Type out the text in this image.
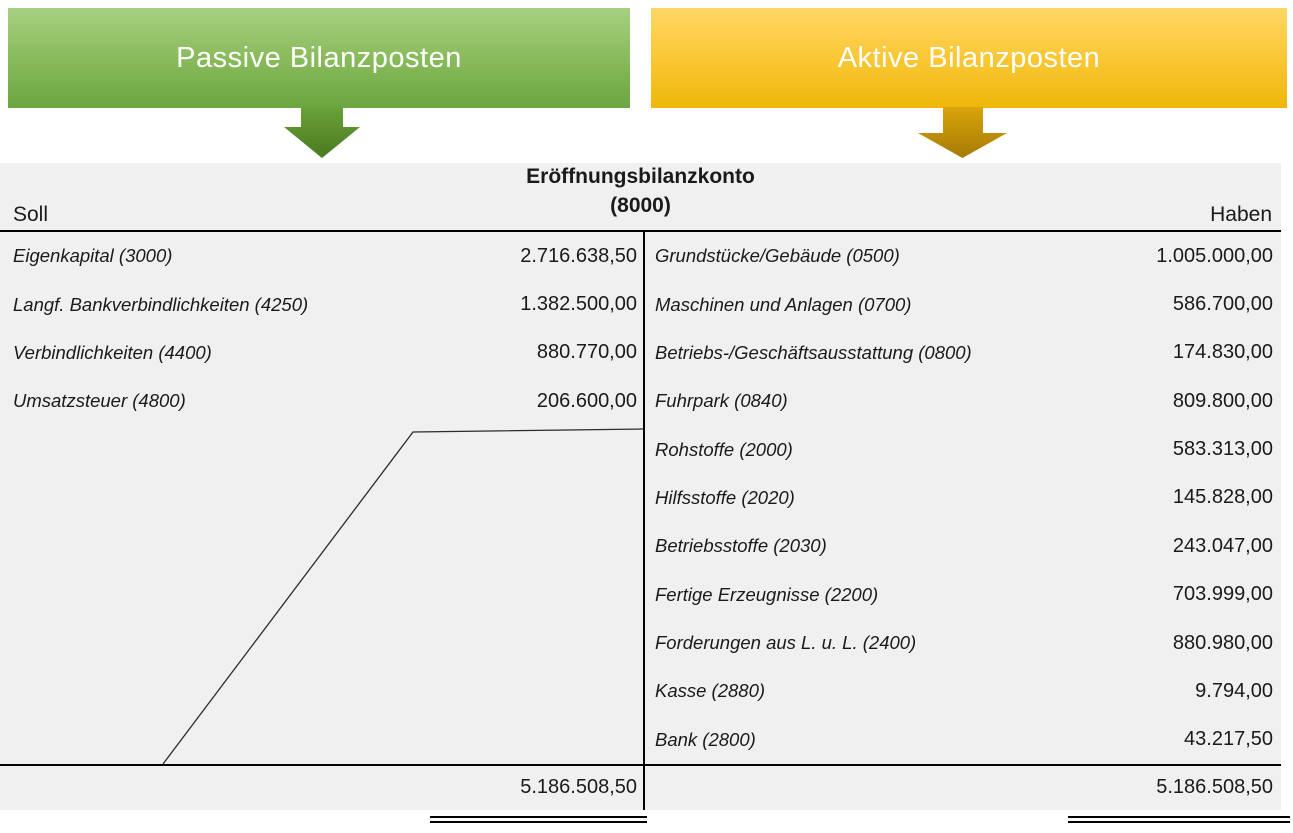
Passive Bilanzposten	Aktive Bilanzposten
Eröffnungsbilanzkonto
(8000)
Soll	Haben
Eigenkapital (3000)	2.716.638,50
Langf. Bankverbindlichkeiten (4250)	1.382.500,00
Verbindlichkeiten (4400)	880.770,00
Umsatzsteuer (4800)	206.600,00
Grundstücke/Gebäude (0500)	1.005.000,00
Maschinen und Anlagen (0700)	586.700,00
Betriebs-/Geschäftsausstattung (0800)	174.830,00
Fuhrpark (0840)	809.800,00
Rohstoffe (2000)	583.313,00
Hilfsstoffe (2020)	145.828,00
Betriebsstoffe (2030)	243.047,00
Fertige Erzeugnisse (2200)	703.999,00
Forderungen aus L. u. L. (2400)	880.980,00
Kasse (2880)	9.794,00
Bank (2800)	43.217,50
5.186.508,50	5.186.508,50
